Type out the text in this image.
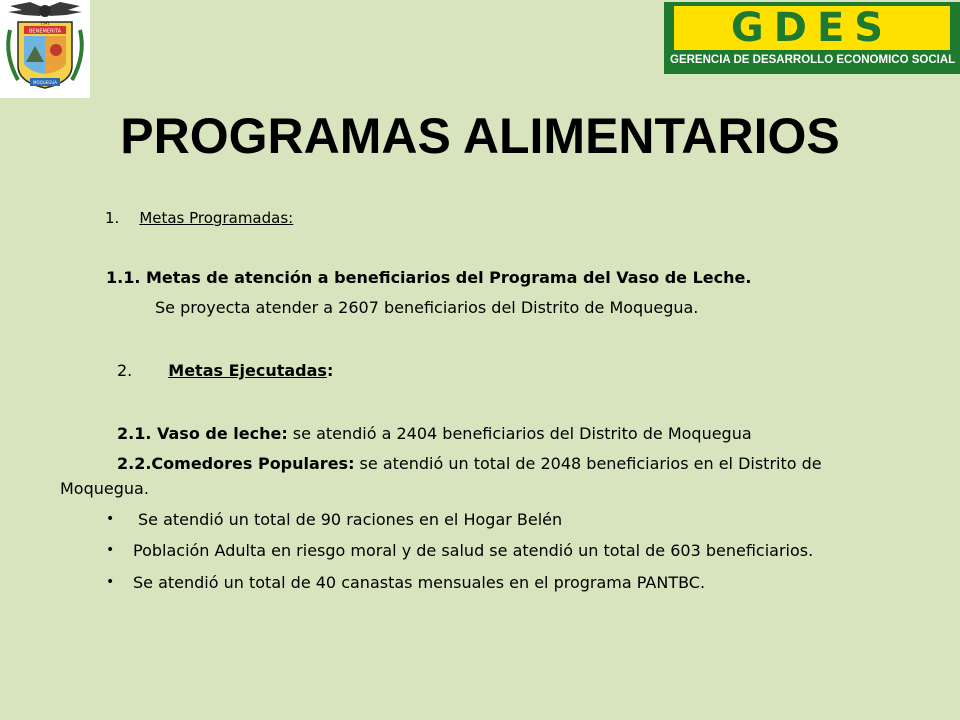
BENEMERITA
1541
MOQUEGUA
GDES
GERENCIA DE DESARROLLO ECONOMICO SOCIAL
PROGRAMAS ALIMENTARIOS
1. Metas Programadas:
1.1. Metas de atención a beneficiarios del Programa del Vaso de Leche.
Se proyecta atender a 2607 beneficiarios del Distrito de Moquegua.
2. Metas Ejecutadas:
2.1. Vaso de leche: se atendió a 2404 beneficiarios del Distrito de Moquegua
2.2.Comedores Populares: se atendió un total de 2048 beneficiarios en el Distrito de
Moquegua.
• Se atendió un total de 90 raciones en el Hogar Belén
• Población Adulta en riesgo moral y de salud se atendió un total de 603 beneficiarios.
• Se atendió un total de 40 canastas mensuales en el programa PANTBC.
